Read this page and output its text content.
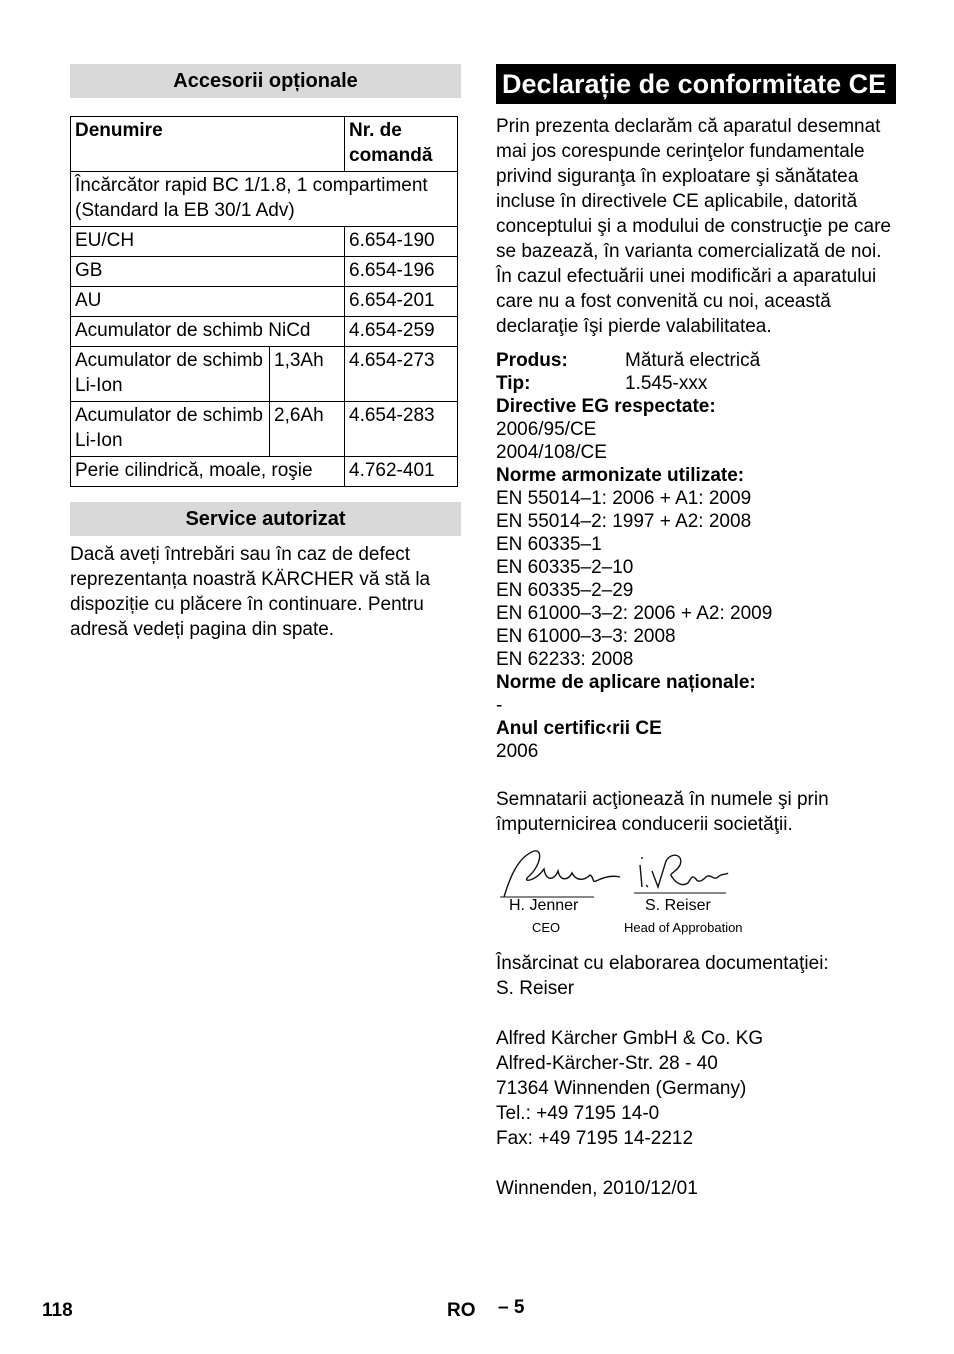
Accesorii opționale
Denumire		Nr. de comandă
Încărcător rapid BC 1/1.8, 1 compartiment (Standard la EB 30/1 Adv)		
EU/CH		6.654-190
GB		6.654-196
AU		6.654-201
Acumulator de schimb NiCd		4.654-259
Acumulator de schimb Li-Ion	1,3Ah	4.654-273
Acumulator de schimb Li-Ion	2,6Ah	4.654-283
Perie cilindrică, moale, roşie		4.762-401
Service autorizat

Dacă aveți întrebări sau în caz de defect reprezentanța noastră KÄRCHER vă stă la dispoziție cu plăcere în continuare. Pentru adresă vedeți pagina din spate.

Declarație de conformitate CE

Prin prezenta declarăm că aparatul desemnat mai jos corespunde cerinţelor fundamentale privind siguranţa în exploatare şi sănătatea incluse în directivele CE aplicabile, datorită conceptului şi a modului de construcţie pe care se bazează, în varianta comercializată de noi. În cazul efectuării unei modificări a aparatului care nu a fost convenită cu noi, această declaraţie îşi pierde valabilitatea.

Produs:	Mătură electrică
Tip:	1.545-xxx
Directive EG respectate:
2006/95/CE
2004/108/CE
Norme armonizate utilizate:
EN 55014–1: 2006 + A1: 2009
EN 55014–2: 1997 + A2: 2008
EN 60335–1
EN 60335–2–10
EN 60335–2–29
EN 61000–3–2: 2006 + A2: 2009
EN 61000–3–3: 2008
EN 62233: 2008
Norme de aplicare naționale:
-
Anul certific‹rii CE
2006

Semnatarii acţionează în numele şi prin împuternicirea conducerii societăţii.

H. Jenner
CEO
S. Reiser
Head of Approbation
Însărcinat cu elaborarea documentaţiei:
S. Reiser
Alfred Kärcher GmbH & Co. KG
Alfred-Kärcher-Str. 28 - 40
71364 Winnenden (Germany)
Tel.: +49 7195 14-0
Fax: +49 7195 14-2212
Winnenden, 2010/12/01
118	RO – 5
